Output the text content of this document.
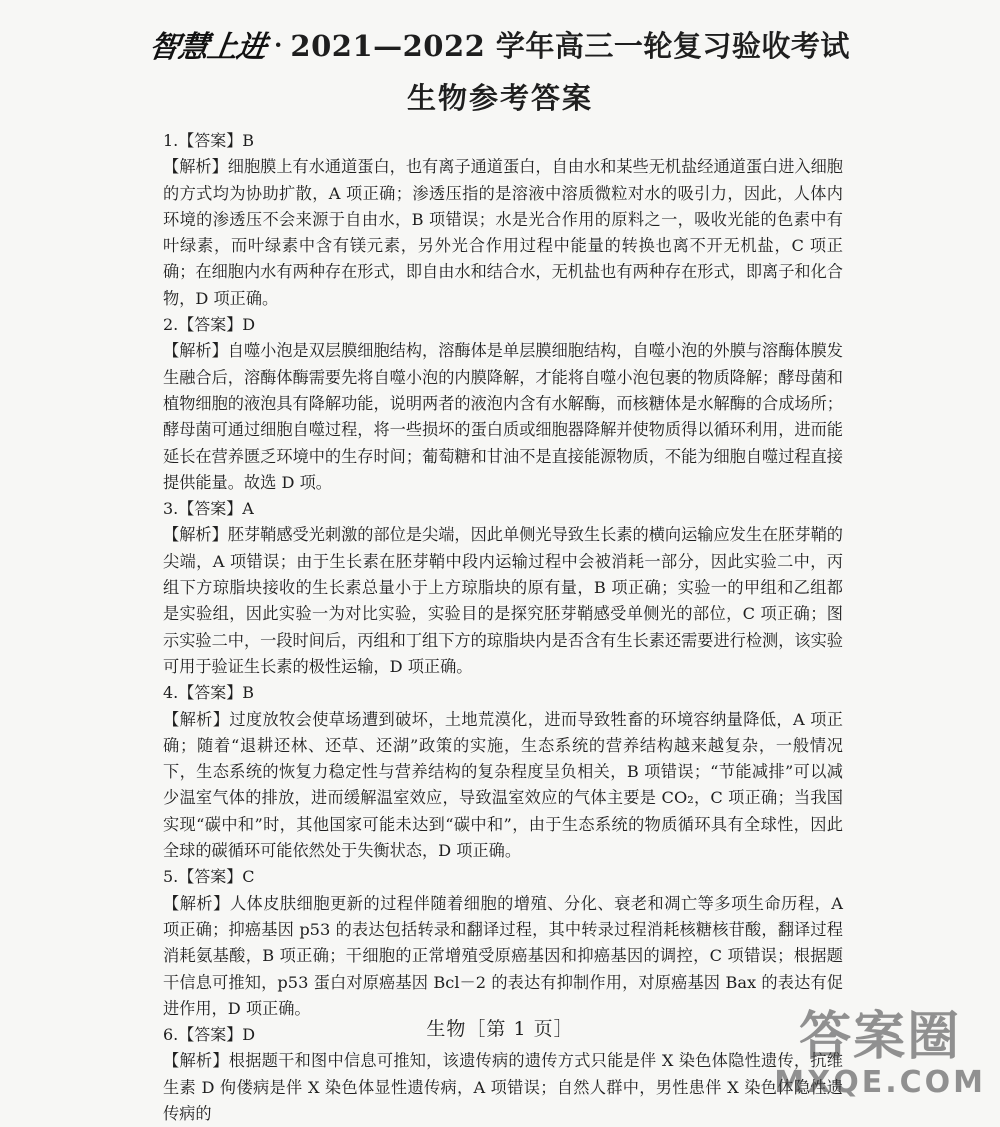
智慧上进 · 2021—2022 学年高三一轮复习验收考试
生物参考答案
1.【答案】B
【解析】细胞膜上有水通道蛋白，也有离子通道蛋白，自由水和某些无机盐经通道蛋白进入细胞的方式均为协助扩散，A 项正确；渗透压指的是溶液中溶质微粒对水的吸引力，因此，人体内环境的渗透压不会来源于自由水，B 项错误；水是光合作用的原料之一，吸收光能的色素中有叶绿素，而叶绿素中含有镁元素，另外光合作用过程中能量的转换也离不开无机盐，C 项正确；在细胞内水有两种存在形式，即自由水和结合水，无机盐也有两种存在形式，即离子和化合物，D 项正确。
2.【答案】D
【解析】自噬小泡是双层膜细胞结构，溶酶体是单层膜细胞结构，自噬小泡的外膜与溶酶体膜发生融合后，溶酶体酶需要先将自噬小泡的内膜降解，才能将自噬小泡包裹的物质降解；酵母菌和植物细胞的液泡具有降解功能，说明两者的液泡内含有水解酶，而核糖体是水解酶的合成场所；酵母菌可通过细胞自噬过程，将一些损坏的蛋白质或细胞器降解并使物质得以循环利用，进而能延长在营养匮乏环境中的生存时间；葡萄糖和甘油不是直接能源物质，不能为细胞自噬过程直接提供能量。故选 D 项。
3.【答案】A
【解析】胚芽鞘感受光刺激的部位是尖端，因此单侧光导致生长素的横向运输应发生在胚芽鞘的尖端，A 项错误；由于生长素在胚芽鞘中段内运输过程中会被消耗一部分，因此实验二中，丙组下方琼脂块接收的生长素总量小于上方琼脂块的原有量，B 项正确；实验一的甲组和乙组都是实验组，因此实验一为对比实验，实验目的是探究胚芽鞘感受单侧光的部位，C 项正确；图示实验二中，一段时间后，丙组和丁组下方的琼脂块内是否含有生长素还需要进行检测，该实验可用于验证生长素的极性运输，D 项正确。
4.【答案】B
【解析】过度放牧会使草场遭到破坏，土地荒漠化，进而导致牲畜的环境容纳量降低，A 项正确；随着“退耕还林、还草、还湖”政策的实施，生态系统的营养结构越来越复杂，一般情况下，生态系统的恢复力稳定性与营养结构的复杂程度呈负相关，B 项错误；“节能减排”可以减少温室气体的排放，进而缓解温室效应，导致温室效应的气体主要是 CO₂，C 项正确；当我国实现“碳中和”时，其他国家可能未达到“碳中和”，由于生态系统的物质循环具有全球性，因此全球的碳循环可能依然处于失衡状态，D 项正确。
5.【答案】C
【解析】人体皮肤细胞更新的过程伴随着细胞的增殖、分化、衰老和凋亡等多项生命历程，A 项正确；抑癌基因 p53 的表达包括转录和翻译过程，其中转录过程消耗核糖核苷酸，翻译过程消耗氨基酸，B 项正确；干细胞的正常增殖受原癌基因和抑癌基因的调控，C 项错误；根据题干信息可推知，p53 蛋白对原癌基因 Bcl－2 的表达有抑制作用，对原癌基因 Bax 的表达有促进作用，D 项正确。
6.【答案】D
【解析】根据题干和图中信息可推知，该遗传病的遗传方式只能是伴 X 染色体隐性遗传，抗维生素 D 佝偻病是伴 X 染色体显性遗传病，A 项错误；自然人群中，男性患伴 X 染色体隐性遗传病的
生物［第 1 页］	答案圈
MXQE.COM
